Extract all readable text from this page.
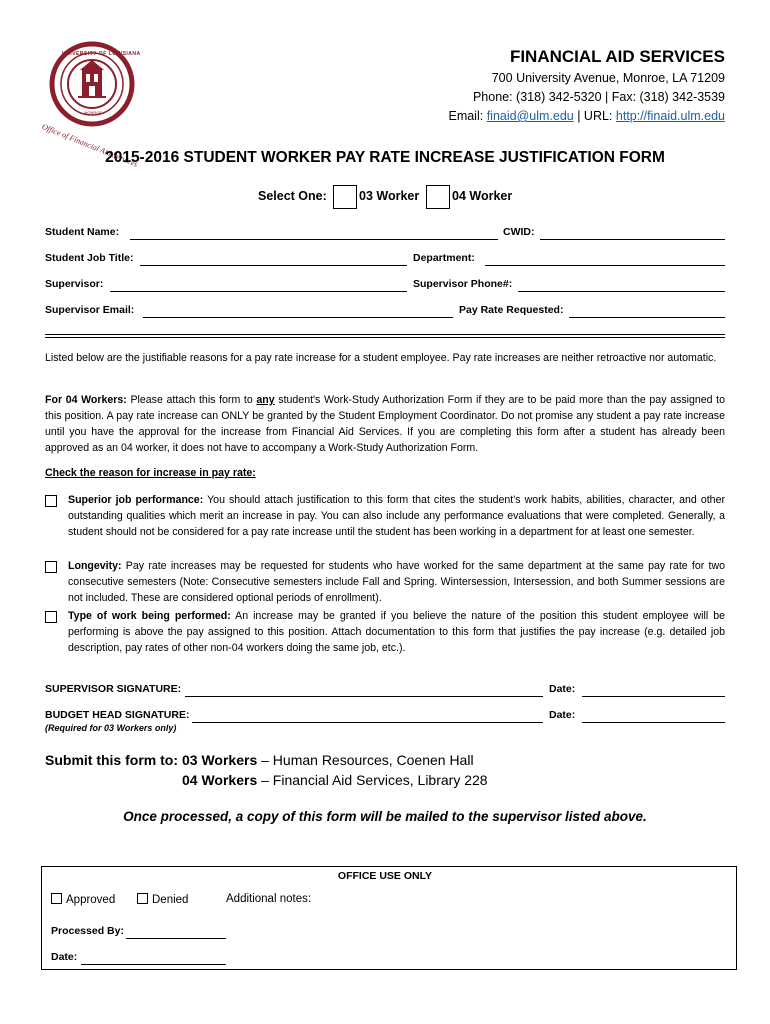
UNIVERSITY OF LOUISIANA
MONROE
Office of Financial Aid Services
FINANCIAL AID SERVICES
700 University Avenue, Monroe, LA 71209
Phone: (318) 342-5320 | Fax: (318) 342-3539
Email: finaid@ulm.edu | URL: http://finaid.ulm.edu
2015-2016 STUDENT WORKER PAY RATE INCREASE JUSTIFICATION FORM
Select One:	03 Worker	04 Worker
Student Name:	CWID:
Student Job Title:	Department:
Supervisor:	Supervisor Phone#:
Supervisor Email:	Pay Rate Requested:
Listed below are the justifiable reasons for a pay rate increase for a student employee. Pay rate increases are neither retroactive nor automatic.
For 04 Workers: Please attach this form to any student's Work-Study Authorization Form if they are to be paid more than the pay assigned to this position. A pay rate increase can ONLY be granted by the Student Employment Coordinator. Do not promise any student a pay rate increase until you have the approval for the increase from Financial Aid Services. If you are completing this form after a student has already been approved as an 04 worker, it does not have to accompany a Work-Study Authorization Form.
Check the reason for increase in pay rate:
Superior job performance: You should attach justification to this form that cites the student's work habits, abilities, character, and other outstanding qualities which merit an increase in pay. You can also include any performance evaluations that were completed. Generally, a student should not be considered for a pay rate increase until the student has been working in a department for at least one semester.
Longevity: Pay rate increases may be requested for students who have worked for the same department at the same pay rate for two consecutive semesters (Note: Consecutive semesters include Fall and Spring. Wintersession, Intersession, and both Summer sessions are not included. These are considered optional periods of enrollment).
Type of work being performed: An increase may be granted if you believe the nature of the position this student employee will be performing is above the pay assigned to this position. Attach documentation to this form that justifies the pay increase (e.g. detailed job description, pay rates of other non-04 workers doing the same job, etc.).
SUPERVISOR SIGNATURE:	Date:
BUDGET HEAD SIGNATURE:	Date:
(Required for 03 Workers only)
Submit this form to: 03 Workers – Human Resources, Coenen Hall
04 Workers – Financial Aid Services, Library 228
Once processed, a copy of this form will be mailed to the supervisor listed above.
OFFICE USE ONLY
Approved	Denied	Additional notes:
Processed By:
Date:
